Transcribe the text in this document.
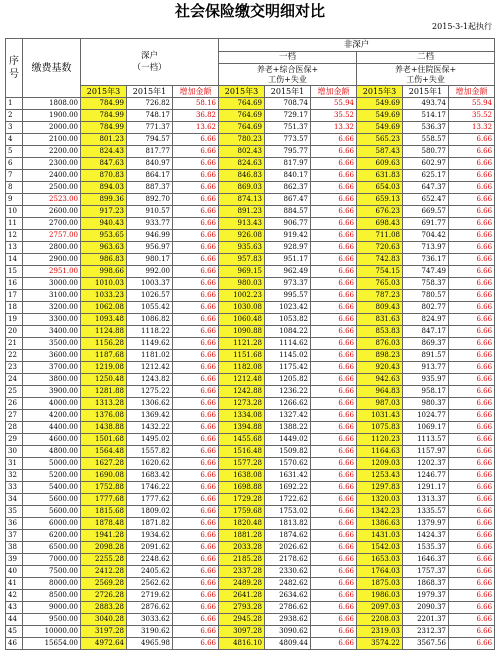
社会保险缴交明细对比
2015-3-1起执行
序号	缴费基数	深户
（一档）			非深户					
					一档			二档		
					养老+综合医保+
工伤+失业			养老+住院医保+
工伤+失业		
		2015年3	2015年1	增加金额	2015年3	2015年1	增加金额	2015年3	2015年1	增加金额
1	1808.00	784.99	726.82	58.16	764.69	708.74	55.94	549.69	493.74	55.94
2	1900.00	784.99	748.17	36.82	764.69	729.17	35.52	549.69	514.17	35.52
3	2000.00	784.99	771.37	13.62	764.69	751.37	13.32	549.69	536.37	13.32
4	2100.00	801.23	794.57	6.66	780.23	773.57	6.66	565.23	558.57	6.66
5	2200.00	824.43	817.77	6.66	802.43	795.77	6.66	587.43	580.77	6.66
6	2300.00	847.63	840.97	6.66	824.63	817.97	6.66	609.63	602.97	6.66
7	2400.00	870.83	864.17	6.66	846.83	840.17	6.66	631.83	625.17	6.66
8	2500.00	894.03	887.37	6.66	869.03	862.37	6.66	654.03	647.37	6.66
9	2523.00	899.36	892.70	6.66	874.13	867.47	6.66	659.13	652.47	6.66
10	2600.00	917.23	910.57	6.66	891.23	884.57	6.66	676.23	669.57	6.66
11	2700.00	940.43	933.77	6.66	913.43	906.77	6.66	698.43	691.77	6.66
12	2757.00	953.65	946.99	6.66	926.08	919.42	6.66	711.08	704.42	6.66
13	2800.00	963.63	956.97	6.66	935.63	928.97	6.66	720.63	713.97	6.66
14	2900.00	986.83	980.17	6.66	957.83	951.17	6.66	742.83	736.17	6.66
15	2951.00	998.66	992.00	6.66	969.15	962.49	6.66	754.15	747.49	6.66
16	3000.00	1010.03	1003.37	6.66	980.03	973.37	6.66	765.03	758.37	6.66
17	3100.00	1033.23	1026.57	6.66	1002.23	995.57	6.66	787.23	780.57	6.66
18	3200.00	1062.08	1055.42	6.66	1030.08	1023.42	6.66	809.43	802.77	6.66
19	3300.00	1093.48	1086.82	6.66	1060.48	1053.82	6.66	831.63	824.97	6.66
20	3400.00	1124.88	1118.22	6.66	1090.88	1084.22	6.66	853.83	847.17	6.66
21	3500.00	1156.28	1149.62	6.66	1121.28	1114.62	6.66	876.03	869.37	6.66
22	3600.00	1187.68	1181.02	6.66	1151.68	1145.02	6.66	898.23	891.57	6.66
23	3700.00	1219.08	1212.42	6.66	1182.08	1175.42	6.66	920.43	913.77	6.66
24	3800.00	1250.48	1243.82	6.66	1212.48	1205.82	6.66	942.63	935.97	6.66
25	3900.00	1281.88	1275.22	6.66	1242.88	1236.22	6.66	964.83	958.17	6.66
26	4000.00	1313.28	1306.62	6.66	1273.28	1266.62	6.66	987.03	980.37	6.66
27	4200.00	1376.08	1369.42	6.66	1334.08	1327.42	6.66	1031.43	1024.77	6.66
28	4400.00	1438.88	1432.22	6.66	1394.88	1388.22	6.66	1075.83	1069.17	6.66
29	4600.00	1501.68	1495.02	6.66	1455.68	1449.02	6.66	1120.23	1113.57	6.66
30	4800.00	1564.48	1557.82	6.66	1516.48	1509.82	6.66	1164.63	1157.97	6.66
31	5000.00	1627.28	1620.62	6.66	1577.28	1570.62	6.66	1209.03	1202.37	6.66
32	5200.00	1690.08	1683.42	6.66	1638.08	1631.42	6.66	1253.43	1246.77	6.66
33	5400.00	1752.88	1746.22	6.66	1698.88	1692.22	6.66	1297.83	1291.17	6.66
34	5600.00	1777.68	1777.62	6.66	1729.28	1722.62	6.66	1320.03	1313.37	6.66
35	5600.00	1815.68	1809.02	6.66	1759.68	1753.02	6.66	1342.23	1335.57	6.66
36	6000.00	1878.48	1871.82	6.66	1820.48	1813.82	6.66	1386.63	1379.97	6.66
37	6200.00	1941.28	1934.62	6.66	1881.28	1874.62	6.66	1431.03	1424.37	6.66
38	6500.00	2098.28	2091.62	6.66	2033.28	2026.62	6.66	1542.03	1535.37	6.66
39	7000.00	2255.28	2248.62	6.66	2185.28	2178.62	6.66	1653.03	1646.37	6.66
40	7500.00	2412.28	2405.62	6.66	2337.28	2330.62	6.66	1764.03	1757.37	6.66
41	8000.00	2569.28	2562.62	6.66	2489.28	2482.62	6.66	1875.03	1868.37	6.66
42	8500.00	2726.28	2719.62	6.66	2641.28	2634.62	6.66	1986.03	1979.37	6.66
43	9000.00	2883.28	2876.62	6.66	2793.28	2786.62	6.66	2097.03	2090.37	6.66
44	9500.00	3040.28	3033.62	6.66	2945.28	2938.62	6.66	2208.03	2201.37	6.66
45	10000.00	3197.28	3190.62	6.66	3097.28	3090.62	6.66	2319.03	2312.37	6.66
46	15654.00	4972.64	4965.98	6.66	4816.10	4809.44	6.66	3574.22	3567.56	6.66
